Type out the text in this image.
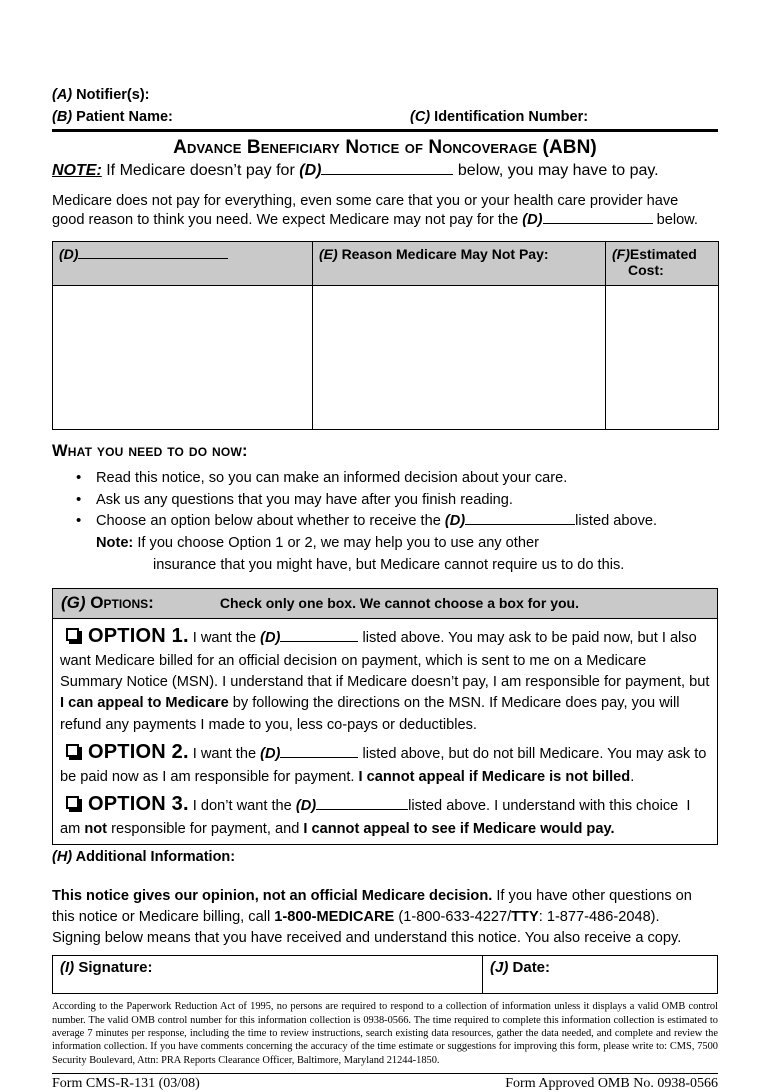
(A) Notifier(s):
(B) Patient Name:	(C) Identification Number:
Advance Beneficiary Notice of Noncoverage (ABN)
NOTE: If Medicare doesn’t pay for (D)	below, you may have to pay.
Medicare does not pay for everything, even some care that you or your health care provider have
good reason to think you need. We expect Medicare may not pay for the (D)	below.
(D)	(E) Reason Medicare May Not Pay:	(F)Estimated
Cost:

What you need to do now:
• Read this notice, so you can make an informed decision about your care.
• Ask us any questions that you may have after you finish reading.
• Choose an option below about whether to receive the (D)	listed above.
Note: If you choose Option 1 or 2, we may help you to use any other
insurance that you might have, but Medicare cannot require us to do this.
(G) Options:	Check only one box. We cannot choose a box for you.
OPTION 1. I want the (D)	listed above. You may ask to be paid now, but I also want Medicare billed for an official decision on payment, which is sent to me on a Medicare Summary Notice (MSN). I understand that if Medicare doesn’t pay, I am responsible for payment, but I can appeal to Medicare by following the directions on the MSN. If Medicare does pay, you will refund any payments I made to you, less co-pays or deductibles.
OPTION 2. I want the (D)	listed above, but do not bill Medicare. You may ask to be paid now as I am responsible for payment. I cannot appeal if Medicare is not billed.
OPTION 3. I don’t want the (D)	listed above. I understand with this choice I am not responsible for payment, and I cannot appeal to see if Medicare would pay.
(H) Additional Information:
This notice gives our opinion, not an official Medicare decision. If you have other questions on this notice or Medicare billing, call 1-800-MEDICARE (1-800-633-4227/TTY: 1-877-486-2048).
Signing below means that you have received and understand this notice. You also receive a copy.
(I) Signature:	(J) Date:
According to the Paperwork Reduction Act of 1995, no persons are required to respond to a collection of information unless it displays a valid OMB control number. The valid OMB control number for this information collection is 0938-0566. The time required to complete this information collection is estimated to average 7 minutes per response, including the time to review instructions, search existing data resources, gather the data needed, and complete and review the information collection. If you have comments concerning the accuracy of the time estimate or suggestions for improving this form, please write to: CMS, 7500 Security Boulevard, Attn: PRA Reports Clearance Officer, Baltimore, Maryland 21244-1850.
Form CMS-R-131 (03/08)	Form Approved OMB No. 0938-0566
